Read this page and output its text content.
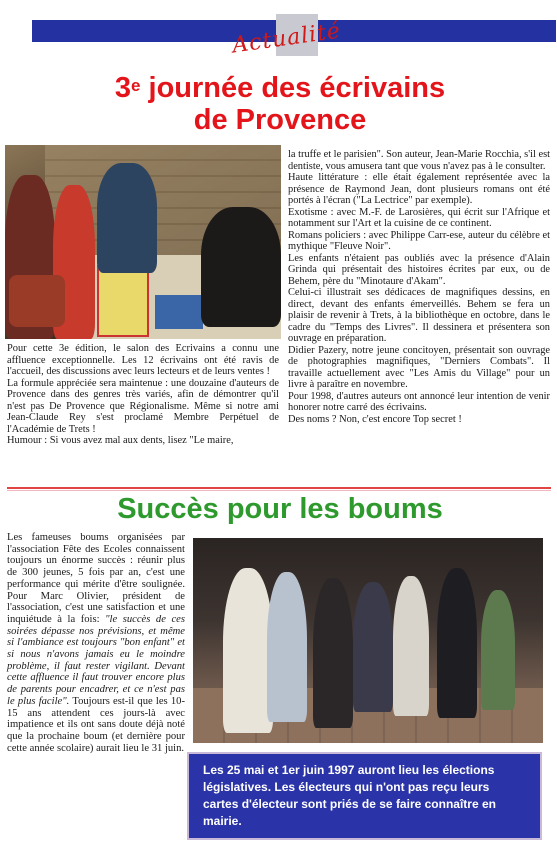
Actualité
3e journée des écrivains
de Provence

Pour cette 3e édition, le salon des Ecrivains a connu une affluence exceptionnelle. Les 12 écrivains ont été ravis de l'accueil, des discussions avec leurs lecteurs et de leurs ventes !

La formule appréciée sera maintenue : une douzaine d'auteurs de Provence dans des genres très variés, afin de démontrer qu'il n'est pas De Provence que Régionalisme. Même si notre ami Jean-Claude Rey s'est proclamé Membre Perpétuel de l'Académie de Trets !

Humour : Si vous avez mal aux dents, lisez "Le maire,

la truffe et le parisien". Son auteur, Jean-Marie Rocchia, s'il est dentiste, vous amusera tant que vous n'avez pas à le consulter.

Haute littérature : elle était également représentée avec la présence de Raymond Jean, dont plusieurs romans ont été portés à l'écran ("La Lectrice" par exemple).

Exotisme : avec M.-F. de Larosières, qui écrit sur l'Afrique et notamment sur l'Art et la cuisine de ce continent.

Romans policiers : avec Philippe Carr-ese, auteur du célèbre et mythique "Fleuve Noir".

Les enfants n'étaient pas oubliés avec la présence d'Alain Grinda qui présentait des histoires écrites par eux, ou de Behem, père du "Minotaure d'Akam".

Celui-ci illustrait ses dédicaces de magnifiques dessins, en direct, devant des enfants émerveillés. Behem se fera un plaisir de revenir à Trets, à la bibliothèque en octobre, dans le cadre du "Temps des Livres". Il dessinera et présentera son ouvrage en préparation.

Didier Pazery, notre jeune concitoyen, présentait son ouvrage de photographies magnifiques, "Derniers Combats". Il travaille actuellement avec "Les Amis du Village" pour un livre à paraître en novembre.

Pour 1998, d'autres auteurs ont annoncé leur intention de venir honorer notre carré des écrivains.

Des noms ? Non, c'est encore Top secret !

Succès pour les boums

Les fameuses boums organisées par l'association Fête des Ecoles connaissent toujours un énorme succès : réunir plus de 300 jeunes, 5 fois par an, c'est une performance qui mérite d'être soulignée. Pour Marc Olivier, président de l'association, c'est une satisfaction et une inquiétude à la fois: "le succès de ces soirées dépasse nos prévisions, et même si l'ambiance est toujours "bon enfant" et si nous n'avons jamais eu le moindre problème, il faut rester vigilant. Devant cette affluence il faut trouver encore plus de parents pour encadrer, et ce n'est pas le plus facile". Toujours est-il que les 10-15 ans attendent ces jours-là avec impatience et ils ont sans doute déjà noté que la prochaine boum (et dernière pour cette année scolaire) aurait lieu le 31 juin.

Les 25 mai et 1er juin 1997 auront lieu les élections législatives. Les électeurs qui n'ont pas reçu leurs cartes d'électeur sont priés de se faire connaître en mairie.
